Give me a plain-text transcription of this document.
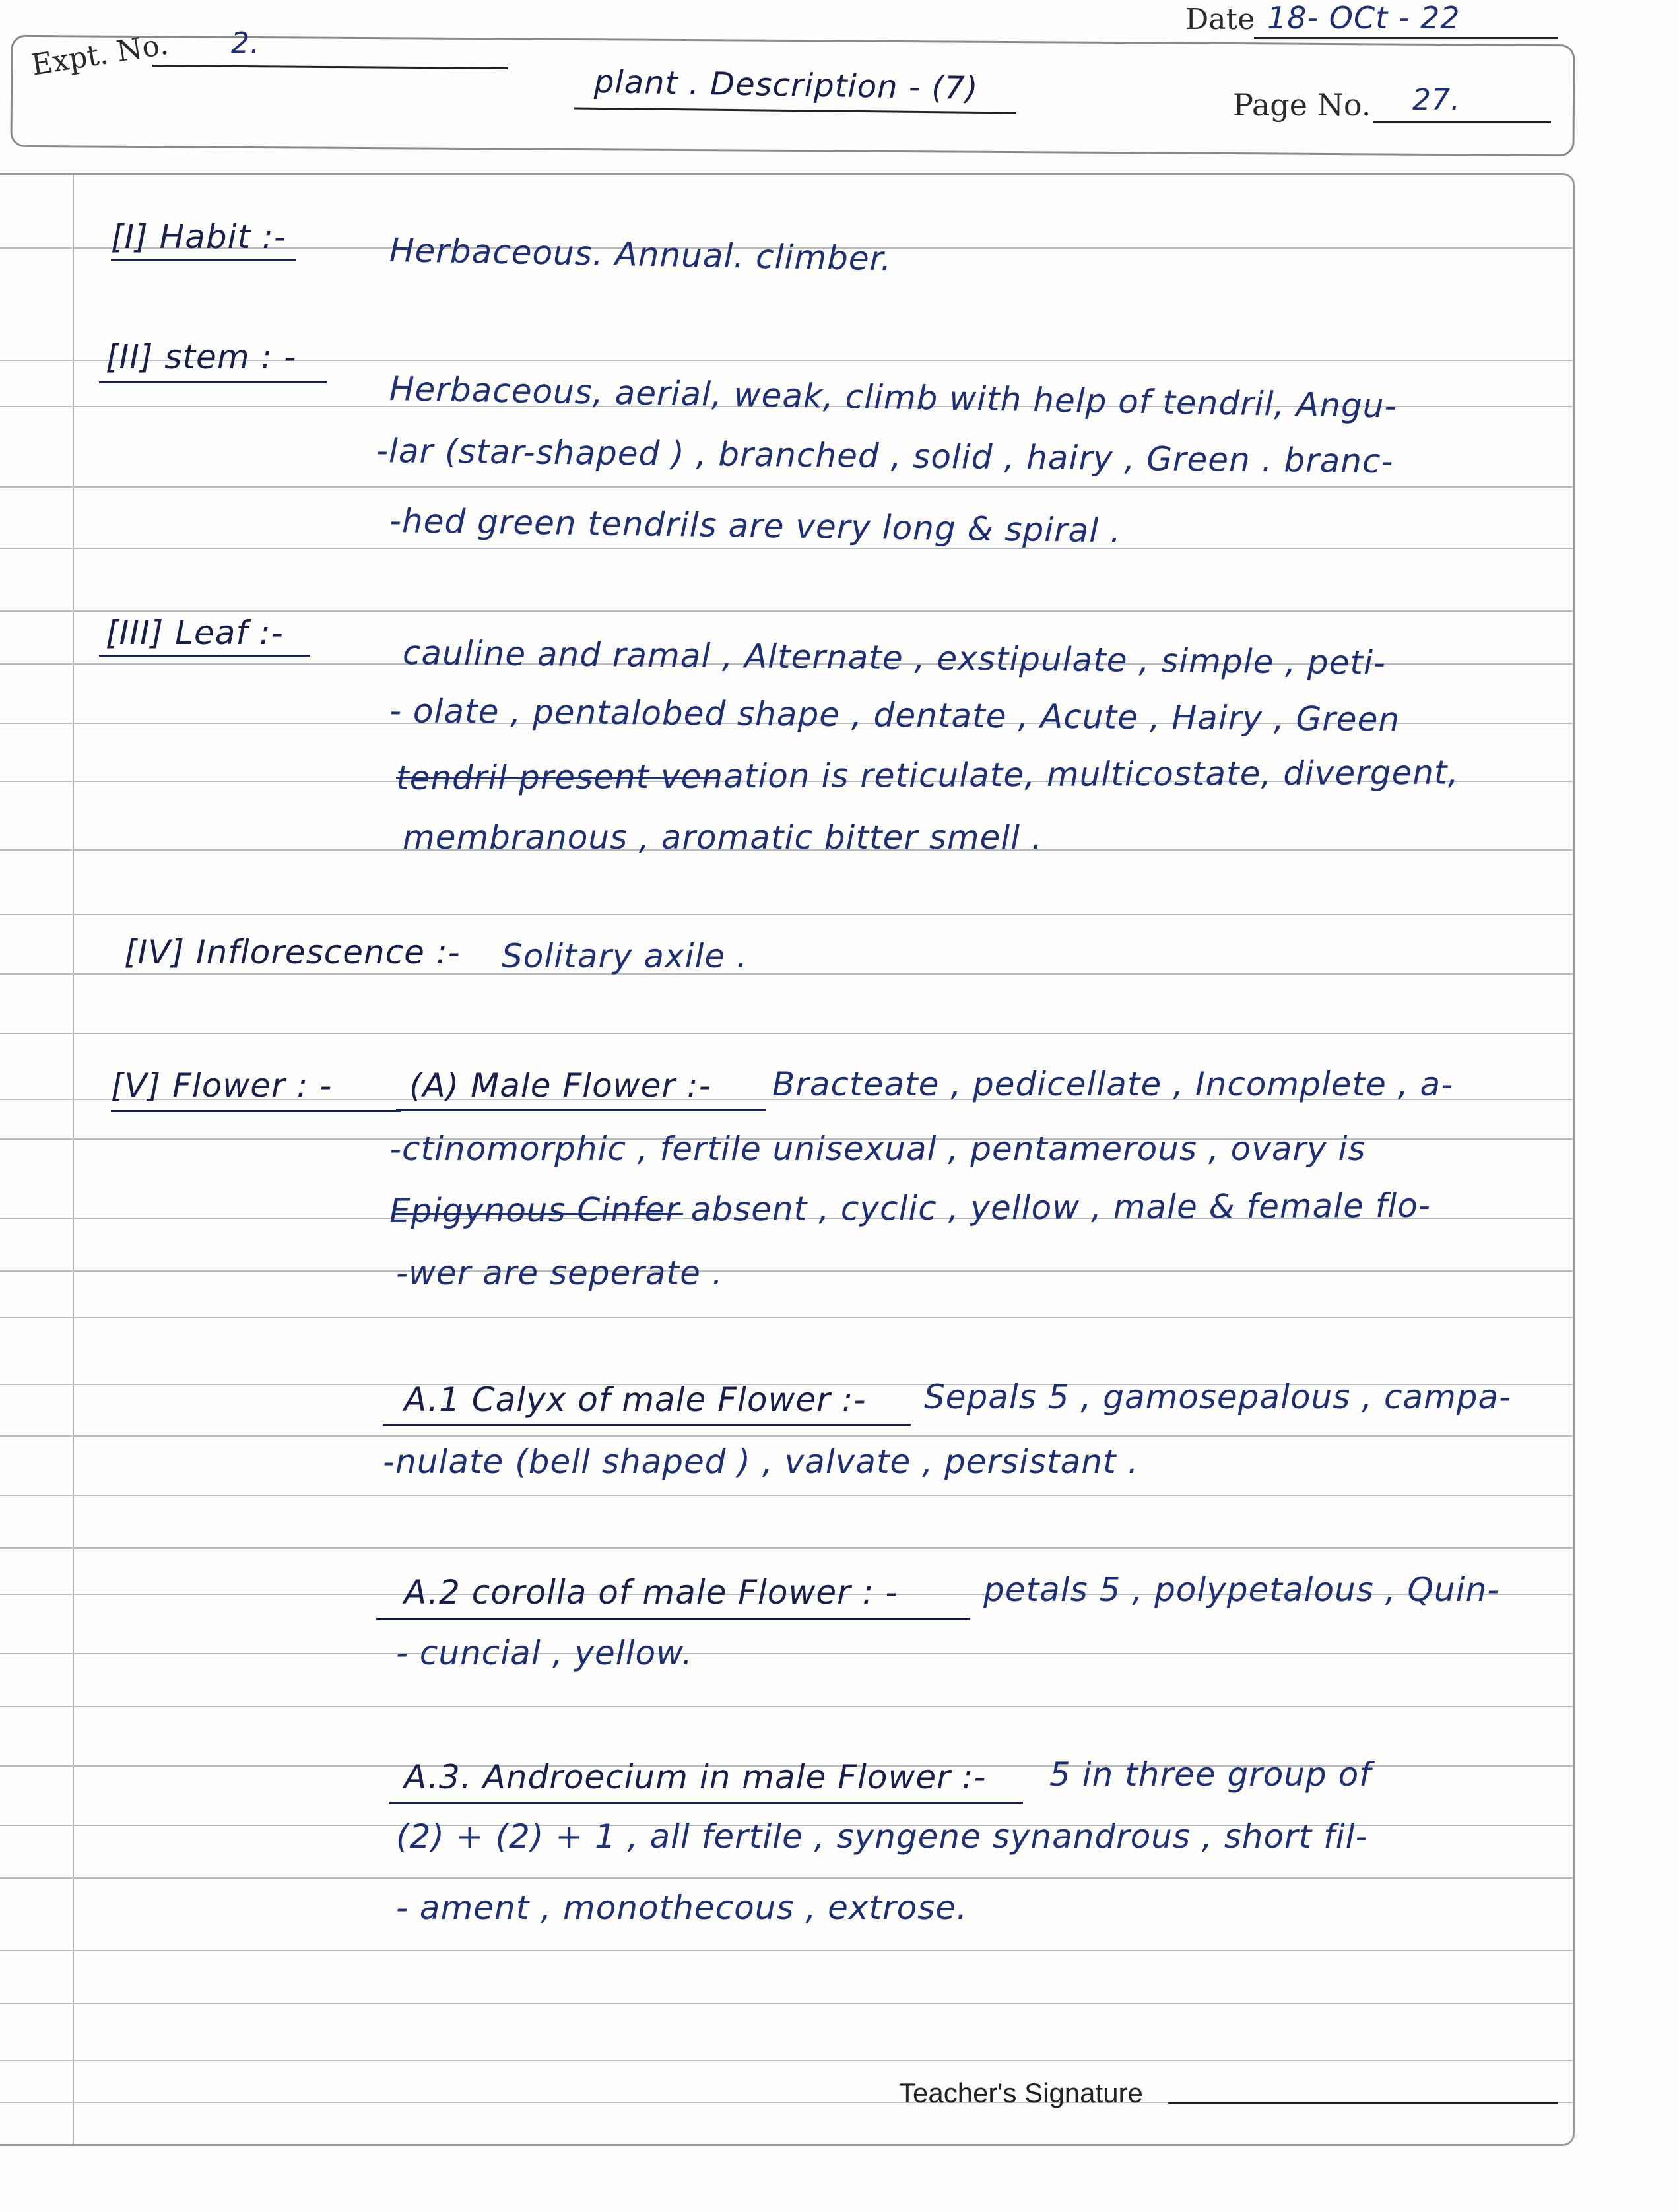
Date 18- OCt - 22
Expt. No. 2.
plant . Description - (7)	Page No. 27.
[I] Habit :-	Herbaceous. Annual. climber.
[II] stem : -
Herbaceous, aerial, weak, climb with help of tendril, Angu-
-lar (star-shaped ) , branched , solid , hairy , Green . branc-
-hed green tendrils are very long & spiral .
[III] Leaf :-
cauline and ramal , Alternate , exstipulate , simple , peti-
- olate , pentalobed shape , dentate , Acute , Hairy , Green
tendril present venation is reticulate, multicostate, divergent,
membranous , aromatic bitter smell .
[IV] Inflorescence :- Solitary axile .
[V] Flower : - (A) Male Flower :- Bracteate , pedicellate , Incomplete , a-
-ctinomorphic , fertile unisexual , pentamerous , ovary is
Epigynous Cinfer absent , cyclic , yellow , male & female flo-
-wer are seperate .
A.1 Calyx of male Flower :- Sepals 5 , gamosepalous , campa-
-nulate (bell shaped ) , valvate , persistant .
A.2 corolla of male Flower : -	petals 5 , polypetalous , Quin-
- cuncial , yellow.
A.3. Androecium in male Flower :- 5 in three group of
(2) + (2) + 1 , all fertile , syngene synandrous , short fil-
- ament , monothecous , extrose.
Teacher's Signature
